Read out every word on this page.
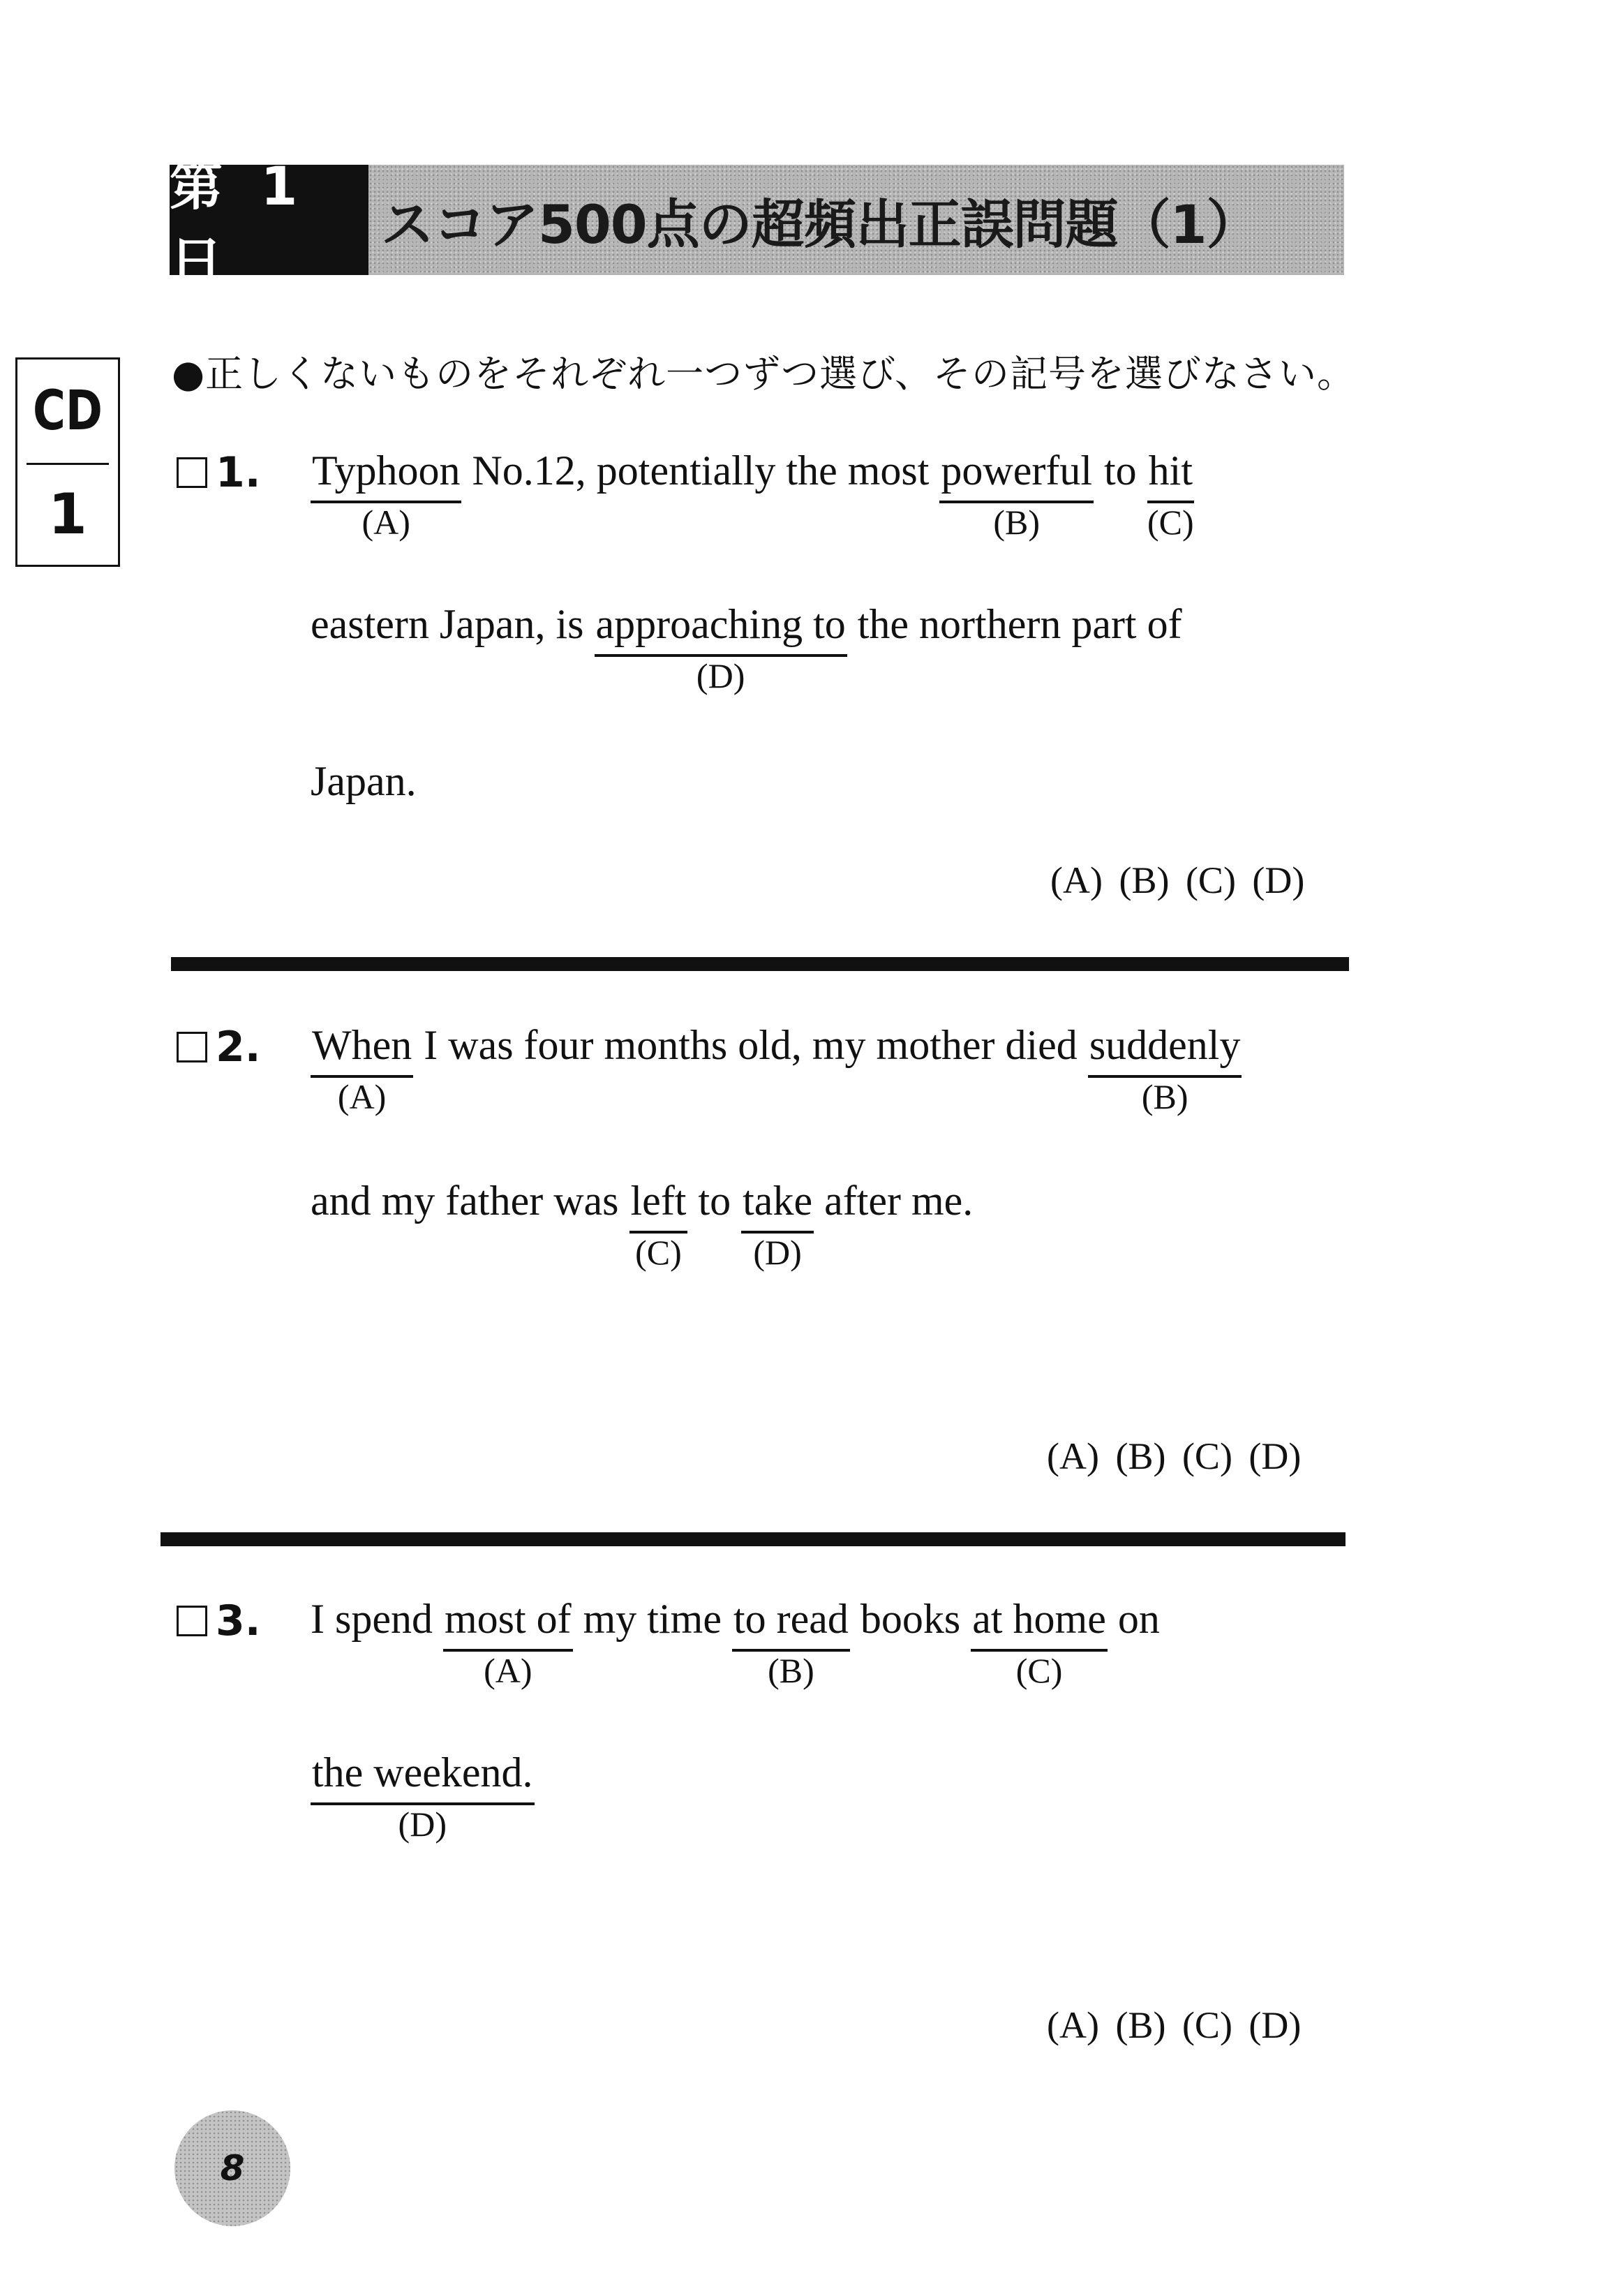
第 1 日
スコア500点の超頻出正誤問題（1）
CD
1
●正しくないものをそれぞれ一つずつ選び、その記号を選びなさい。
1. Typhoon
(A)
No.12, potentially the most powerful
(B)
to hit
(C)
eastern Japan, is approaching to
(D)
the northern part of
Japan.
(A) (B) (C) (D)
2. When
(A)
I was four months old, my mother died suddenly
(B)
and my father was left
(C)
to take
(D)
after me.
(A) (B) (C) (D)
3. I spend most of
(A)
my time to read
(B)
books at home
(C)
on
the weekend.
(D)
(A) (B) (C) (D)
8
